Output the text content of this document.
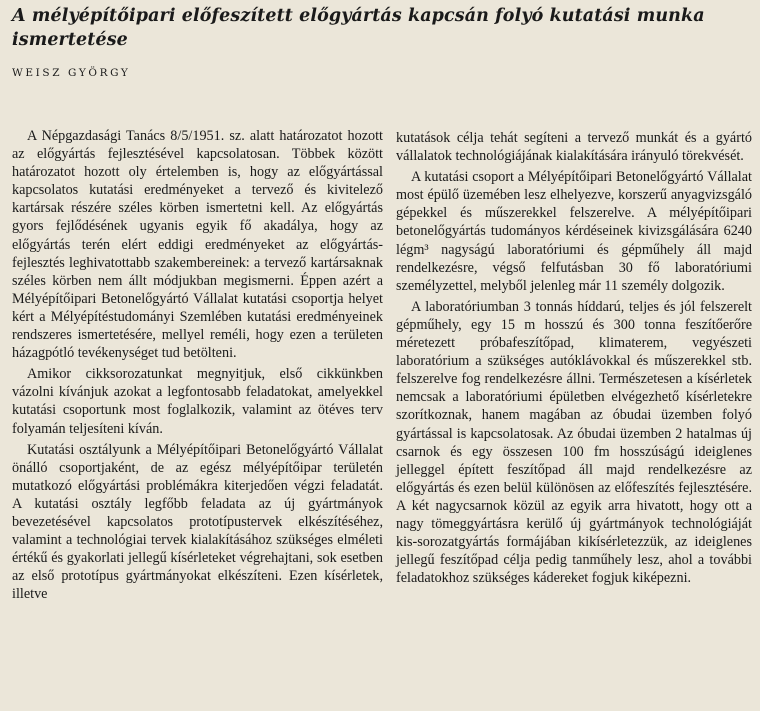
A mélyépítőipari előfeszített előgyártás kapcsán folyó kutatási munka ismertetése
WEISZ GYÖRGY

A Népgazdasági Tanács 8/5/1951. sz. alatt határozatot hozott az előgyártás fejlesztésével kapcsolatosan. Többek között határozatot hozott oly értelemben is, hogy az előgyártással kapcsolatos kutatási eredményeket a tervező és kivitelező kartársak részére széles körben ismertetni kell. Az előgyártás gyors fejlődésének ugyanis egyik fő akadálya, hogy az előgyártás terén elért eddigi eredményeket az előgyártás-fejlesztés leghivatottabb szakembereinek: a tervező kartársaknak széles körben nem állt módjukban megismerni. Éppen azért a Mélyépítőipari Betonelőgyártó Vállalat kutatási csoportja helyet kért a Mélyépítéstudományi Szemlében kutatási eredményeinek rendszeres ismertetésére, mellyel reméli, hogy ezen a területen házagpótló tevékenységet tud betölteni.

Amikor cikksorozatunkat megnyitjuk, első cikkünkben vázolni kívánjuk azokat a legfontosabb feladatokat, amelyekkel kutatási csoportunk most foglalkozik, valamint az ötéves terv folyamán teljesíteni kíván.

Kutatási osztályunk a Mélyépítőipari Betonelőgyártó Vállalat önálló csoportjaként, de az egész mélyépítőipar területén mutatkozó előgyártási problémákra kiterjedően végzi feladatát. A kutatási osztály legfőbb feladata az új gyártmányok bevezetésével kapcsolatos prototípustervek elkészítéséhez, valamint a technológiai tervek kialakításához szükséges elméleti értékű és gyakorlati jellegű kísérleteket végrehajtani, sok esetben az első prototípus gyártmányokat elkészíteni. Ezen kísérletek, illetve

kutatások célja tehát segíteni a tervező munkát és a gyártó vállalatok technológiájának kialakítására irányuló törekvését.

A kutatási csoport a Mélyépítőipari Betonelőgyártó Vállalat most épülő üzemében lesz elhelyezve, korszerű anyagvizsgáló gépekkel és műszerekkel felszerelve. A mélyépítőipari betonelőgyártás tudományos kérdéseinek kivizsgálására 6240 légm³ nagyságú laboratóriumi és gépműhely áll majd rendelkezésre, végső felfutásban 30 fő laboratóriumi személyzettel, melyből jelenleg már 11 személy dolgozik.

A laboratóriumban 3 tonnás híddarú, teljes és jól felszerelt gépműhely, egy 15 m hosszú és 300 tonna feszítőerőre méretezett próbafeszítőpad, klimaterem, vegyészeti laboratórium a szükséges autóklávokkal és műszerekkel stb. felszerelve fog rendelkezésre állni. Természetesen a kísérletek nemcsak a laboratóriumi épületben elvégezhető kísérletekre szorítkoznak, hanem magában az óbudai üzemben folyó gyártással is kapcsolatosak. Az óbudai üzemben 2 hatalmas új csarnok és egy összesen 100 fm hosszúságú ideiglenes jelleggel épített feszítőpad áll majd rendelkezésre az előgyártás és ezen belül különösen az előfeszítés fejlesztésére. A két nagycsarnok közül az egyik arra hivatott, hogy ott a nagy tömeggyártásra kerülő új gyártmányok technológiáját kis-sorozatgyártás formájában kikísérletezzük, az ideiglenes jellegű feszítőpad célja pedig tanműhely lesz, ahol a további feladatokhoz szükséges kádereket fogjuk kiképezni.
